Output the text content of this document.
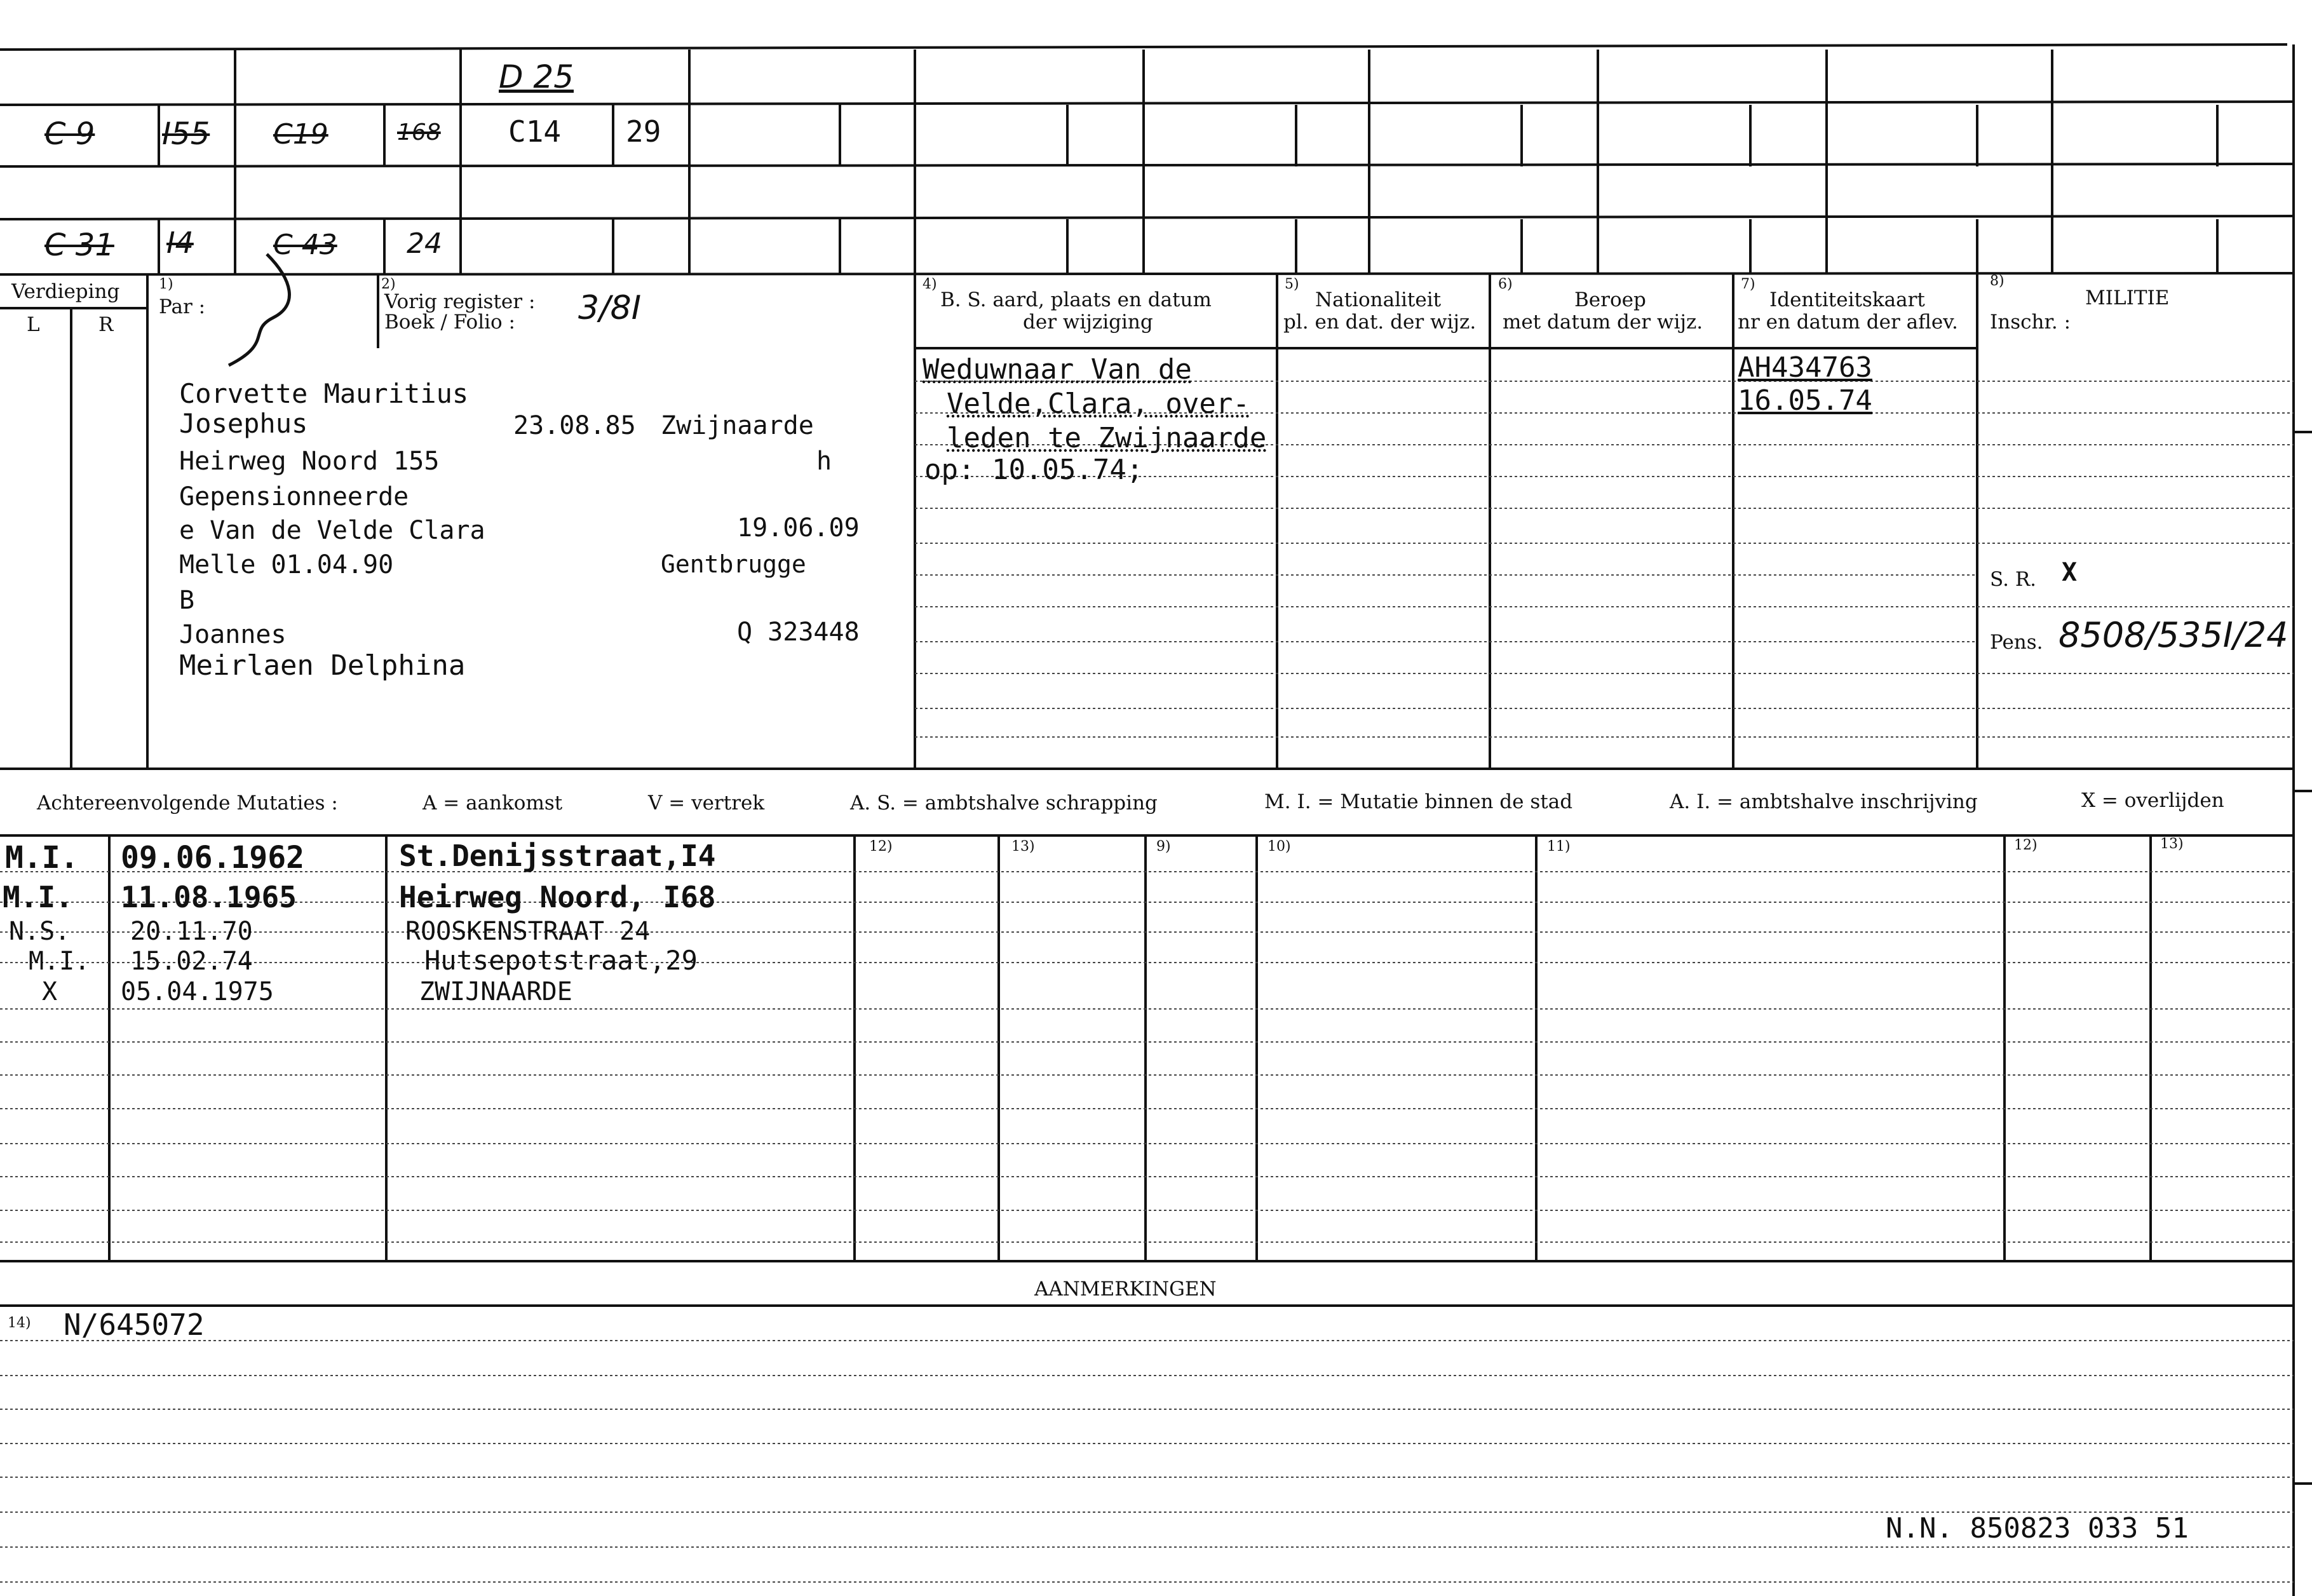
C 9 I55 C19	168 C14 29
D 25
C 31 I4	C 43 24
Verdieping
L	R
1)
Par :
2)
Vorig register :
Boek / Folio : 3/8I
4)
B. S. aard, plaats en datum
der wijziging
5)
Nationaliteit
pl. en dat. der wijz.
6)
Beroep
met datum der wijz.
7)
Identiteitskaart
nr en datum der aflev.
8)
MILITIE
Inschr. :
Corvette Mauritius
Josephus	23.08.85 Zwijnaarde
Heirweg Noord 155	h
Gepensionneerde
e Van de Velde Clara	19.06.09
Melle 01.04.90	Gentbrugge
B
Joannes	Q 323448
Meirlaen Delphina
Weduwnaar Van de
Velde,Clara, over-
leden te Zwijnaarde
op: 10.05.74;
AH434763
16.05.74
S. R. X
Pens. 8508/535I/24
Achtereenvolgende Mutaties :	A = aankomst	V = vertrek	A. S. = ambtshalve schrapping	M. I. = Mutatie binnen de stad	A. I. = ambtshalve inschrijving	X = overlijden
12)	13)	9)	10)	11)	12)	13)
M.I. 09.06.1962	St.Denijsstraat,I4
M.I. 11.08.1965	Heirweg Noord, I68
N.S. 20.11.70	ROOSKENSTRAAT 24
M.I. 15.02.74	Hutsepotstraat,29
X 05.04.1975	ZWIJNAARDE
AANMERKINGEN
14) N/645072
N.N. 850823 033 51
